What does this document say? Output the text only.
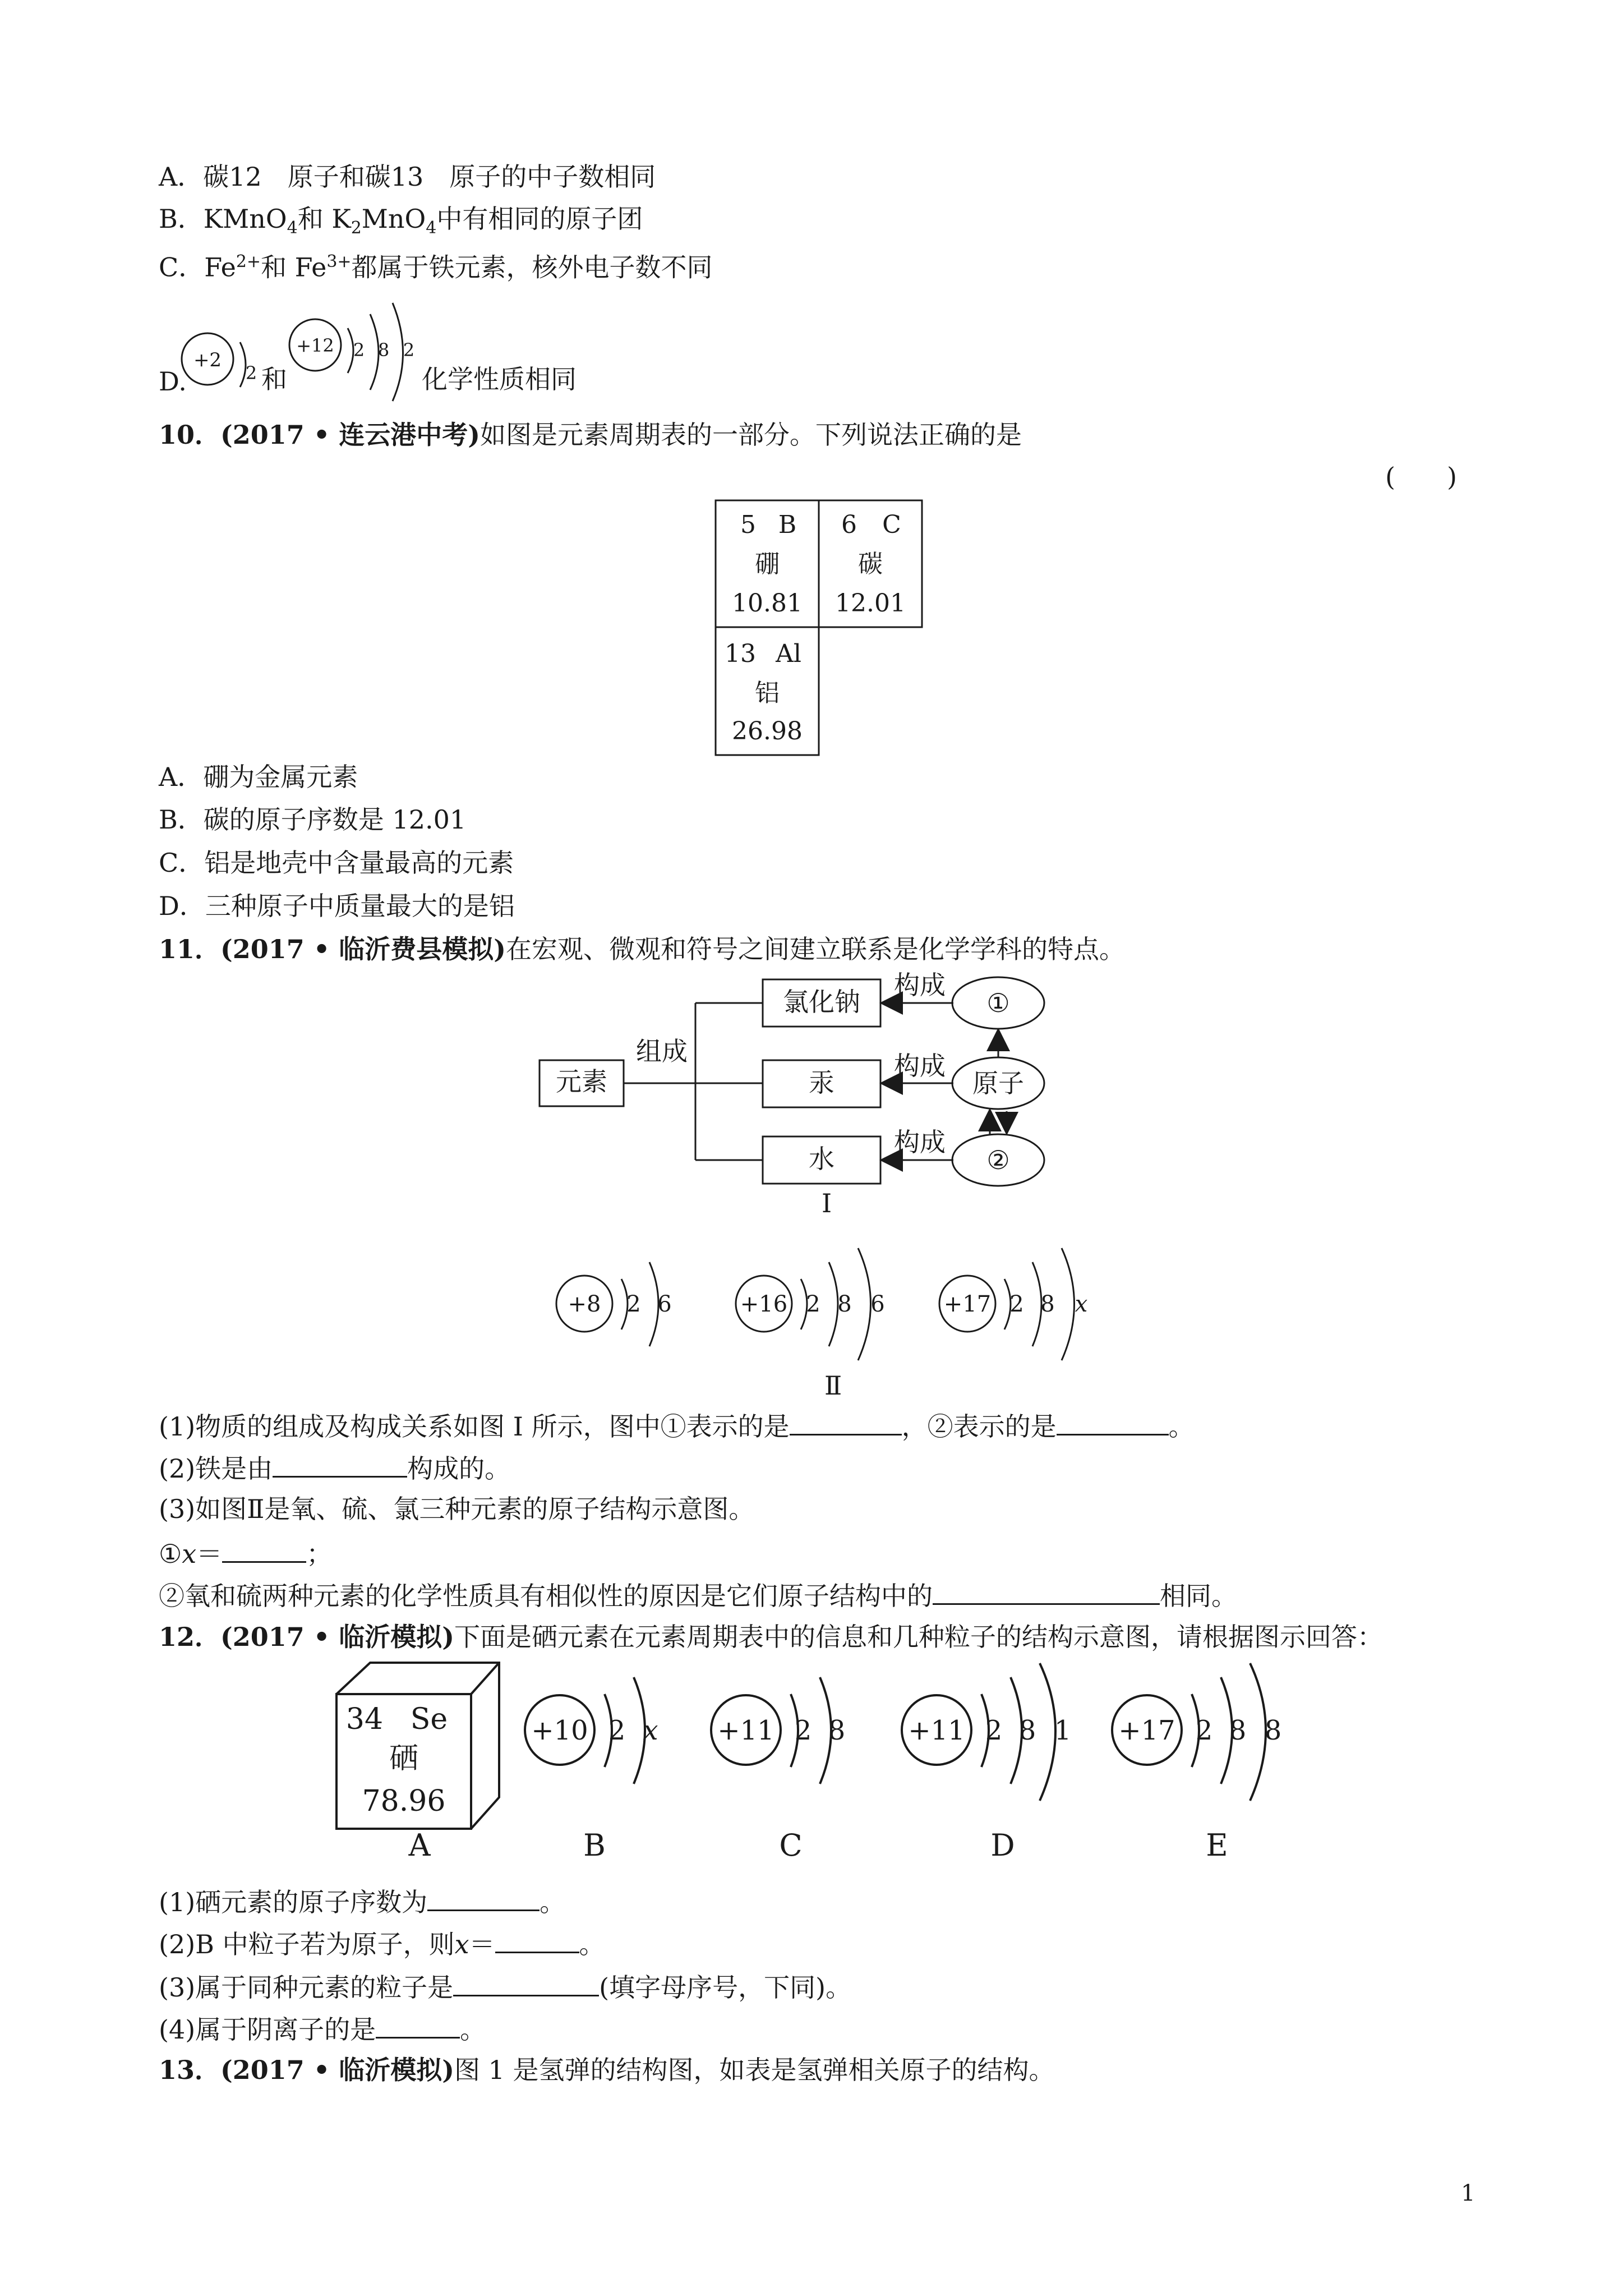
A．碳12　原子和碳13　原子的中子数相同
B．KMnO$_4$和 $K_2MnO_4$中有相同的原子团
C．$Fe^{2+}$和 $Fe^{3+}$都属于铁元素，核外电子数不同
D.
+2
2 和
+12 2 8 2
化学性质相同
10．(2017 • 连云港中考)如图是元素周期表的一部分。下列说法正确的是
(　　)
5 B
硼
10.81
6 C
碳
12.01
13 Al
铝
26.98
A．硼为金属元素
B．碳的原子序数是 12.01
C．铝是地壳中含量最高的元素
D．三种原子中质量最大的是铝
11．(2017 • 临沂费县模拟)在宏观、微观和符号之间建立联系是化学学科的特点。
元素
组成
氯化钠
汞
水
构成
构成
构成
①
原子
②
I
+8 2 6	+16 2 8 6	+17 2 8 x
Ⅱ
(1)物质的组成及构成关系如图 I 所示，图中①表示的是	，②表示的是	。
(2)铁是由	构成的。
(3)如图Ⅱ是氧、硫、氯三种元素的原子结构示意图。
①x＝	；
②氧和硫两种元素的化学性质具有相似性的原因是它们原子结构中的	相同。
12．(2017 • 临沂模拟)下面是硒元素在元素周期表中的信息和几种粒子的结构示意图，请根据图示回答：
34 Se
硒
78.96
+10 2 x +11 2 8 +11 2 8 1 +17 2 8 8
A	B	C	D	E
(1)硒元素的原子序数为	。
(2)B 中粒子若为原子，则x＝	。
(3)属于同种元素的粒子是	(填字母序号，下同)。
(4)属于阴离子的是	。
13．(2017 • 临沂模拟)图 1 是氢弹的结构图，如表是氢弹相关原子的结构。
1
